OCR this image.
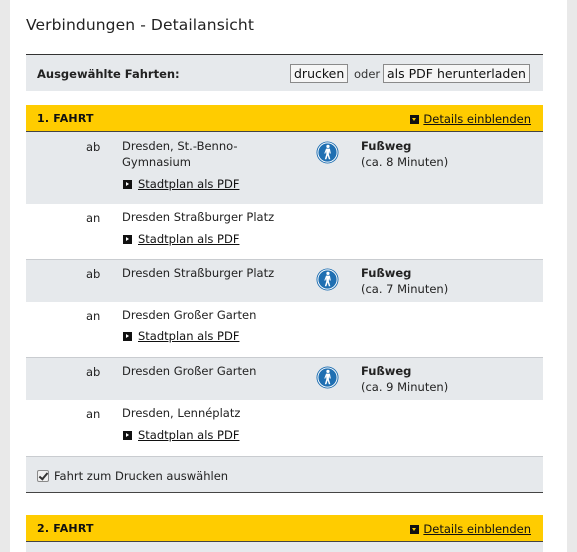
Verbindungen - Detailansicht
Ausgewählte Fahrten:	drucken oder als PDF herunterladen
1. FAHRT	Details einblenden
ab Dresden, St.-Benno-
Gymnasium
Stadtplan als PDF
Fußweg
(ca. 8 Minuten)
an Dresden Straßburger Platz
Stadtplan als PDF
ab Dresden Straßburger Platz	Fußweg
(ca. 7 Minuten)
an Dresden Großer Garten
Stadtplan als PDF
ab Dresden Großer Garten	Fußweg
(ca. 9 Minuten)
an Dresden, Lennéplatz
Stadtplan als PDF
Fahrt zum Drucken auswählen
2. FAHRT	Details einblenden
